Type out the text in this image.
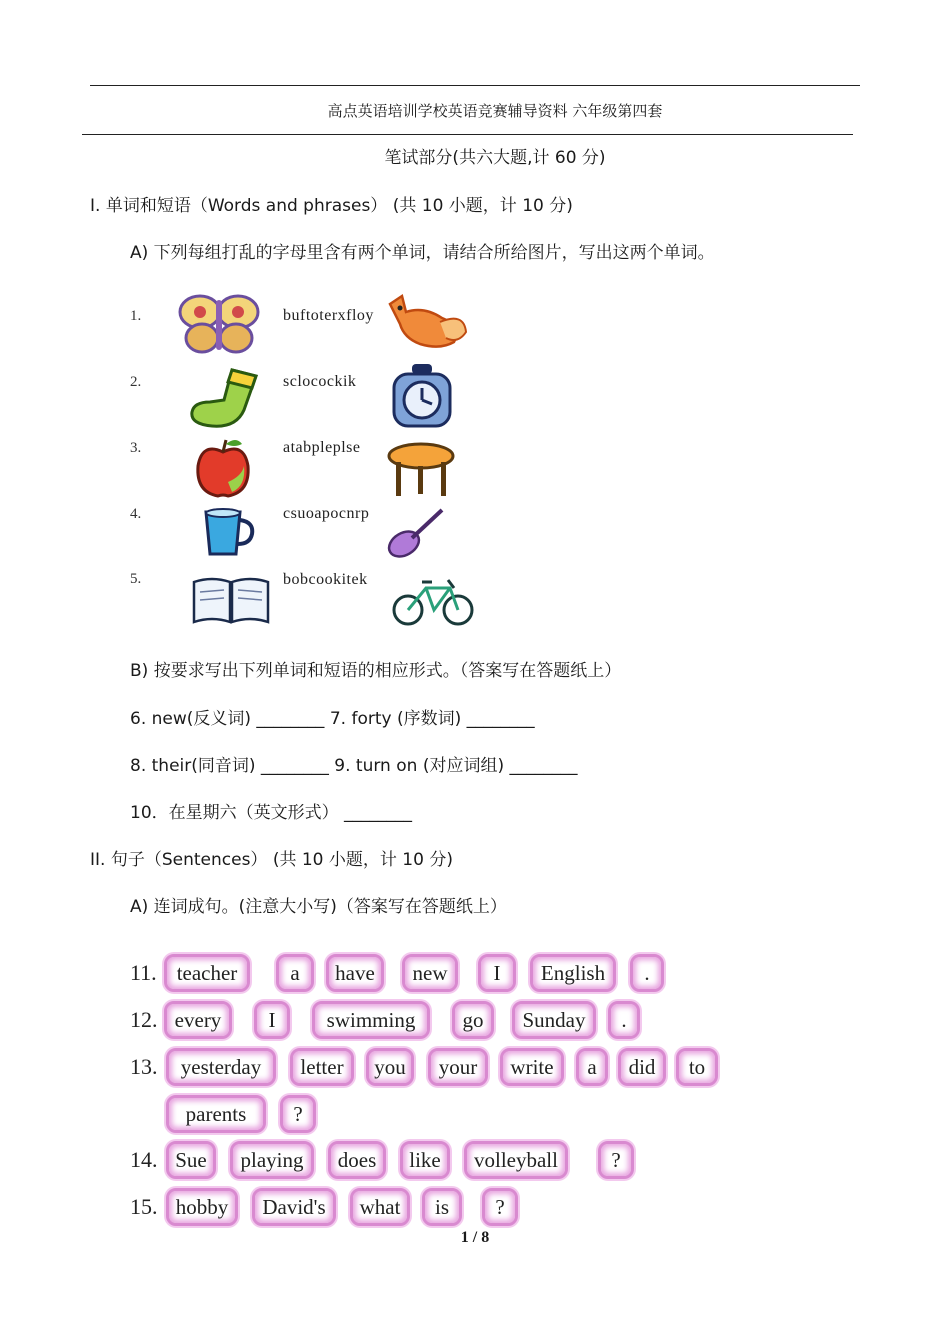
高点英语培训学校英语竞赛辅导资料 六年级第四套
笔试部分(共六大题,计 60 分)
I. 单词和短语（Words and phrases） (共 10 小题，计 10 分)
A) 下列每组打乱的字母里含有两个单词，请结合所给图片，写出这两个单词。
1.	buftoterxfloy
2.	sclocockik
3.	atabpleplse
4.	csuoapocnrp
5.	bobcookitek
B) 按要求写出下列单词和短语的相应形式。（答案写在答题纸上）
6. new(反义词) ________ 7. forty (序数词) ________
8. their(同音词) ________ 9. turn on (对应词组) ________
10．在星期六（英文形式） ________
II. 句子（Sentences） (共 10 小题，计 10 分)
A) 连词成句。(注意大小写)（答案写在答题纸上）
11. teacher	a	have	new	I	English	.
12. every	I	swimming	go	Sunday	.
13.	yesterday	letter	you	your	write	a	did	to
parents	?
14. Sue	playing	does	like	volleyball	?
15. hobby	David's	what	is	?
1 / 8
